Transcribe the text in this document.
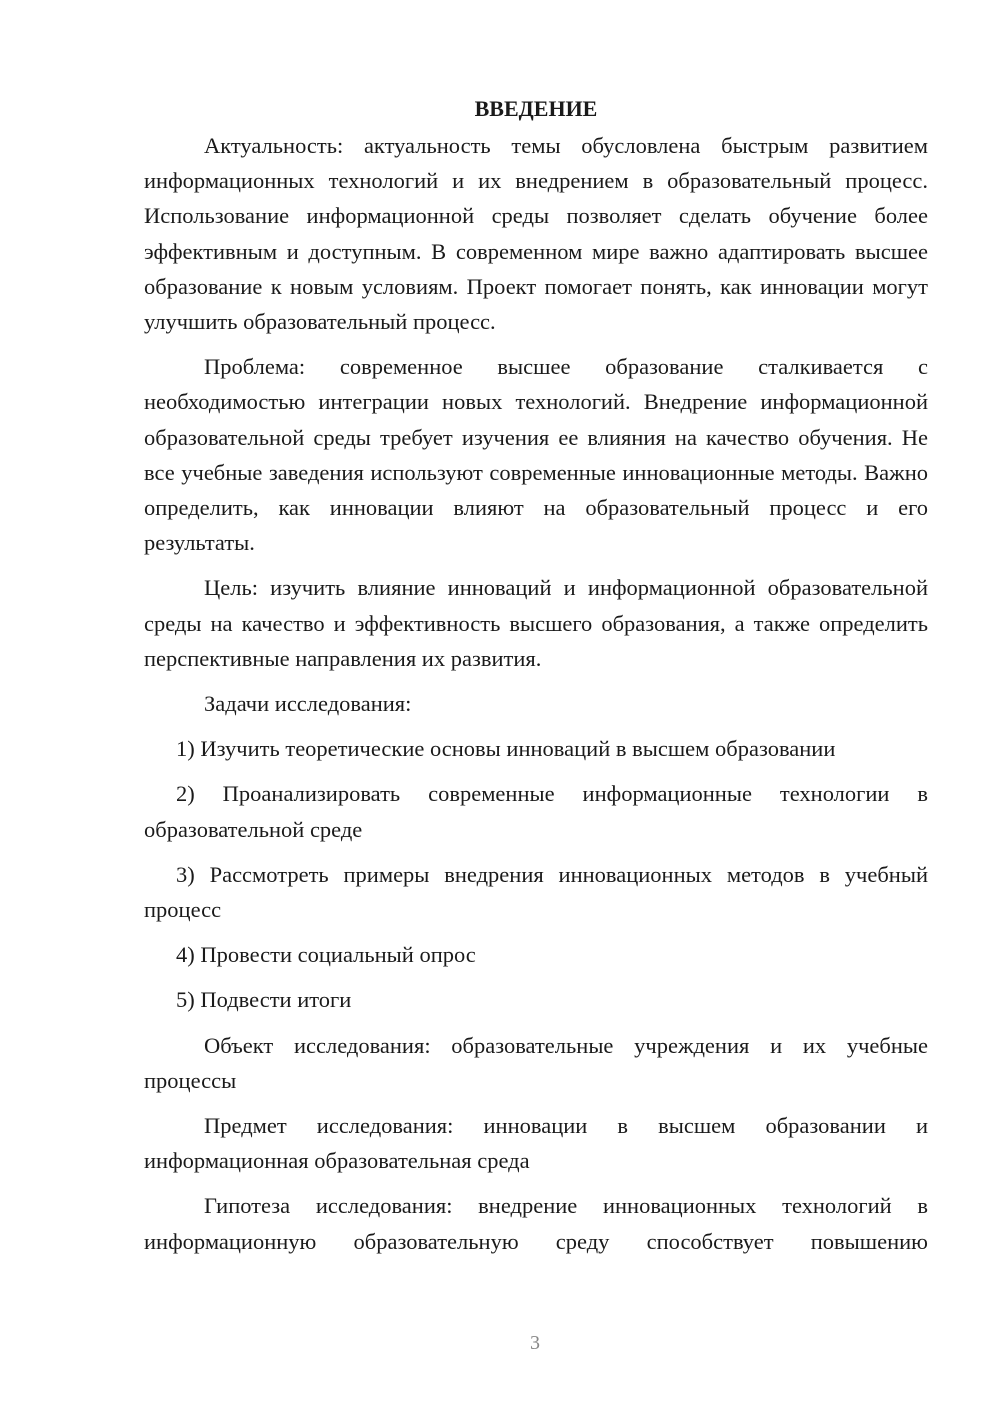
ВВЕДЕНИЕ
Актуальность: актуальность темы обусловлена быстрым развитием информационных технологий и их внедрением в образовательный процесс. Использование информационной среды позволяет сделать обучение более эффективным и доступным. В современном мире важно адаптировать высшее образование к новым условиям. Проект помогает понять, как инновации могут улучшить образовательный процесс.
Проблема: современное высшее образование сталкивается с необходимостью интеграции новых технологий. Внедрение информационной образовательной среды требует изучения ее влияния на качество обучения. Не все учебные заведения используют современные инновационные методы. Важно определить, как инновации влияют на образовательный процесс и его результаты.
Цель: изучить влияние инноваций и информационной образовательной среды на качество и эффективность высшего образования, а также определить перспективные направления их развития.
Задачи исследования:
1) Изучить теоретические основы инноваций в высшем образовании
2) Проанализировать современные информационные технологии в образовательной среде
3) Рассмотреть примеры внедрения инновационных методов в учебный процесс
4) Провести социальный опрос
5) Подвести итоги
Объект исследования: образовательные учреждения и их учебные процессы
Предмет исследования: инновации в высшем образовании и информационная образовательная среда
Гипотеза исследования: внедрение инновационных технологий в информационную образовательную среду способствует повышению
3
